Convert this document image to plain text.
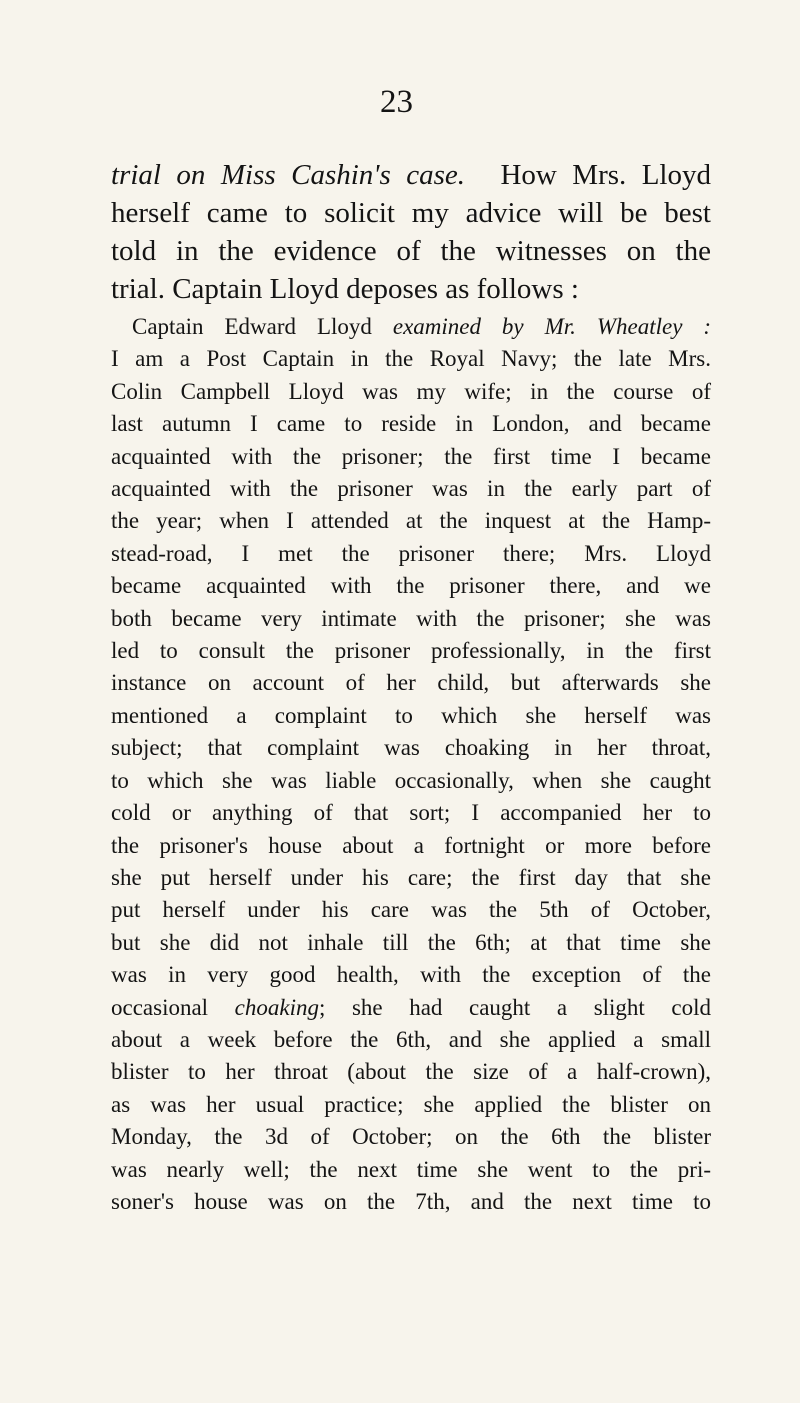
23
trial on Miss Cashin's case. How Mrs. Lloyd
herself came to solicit my advice will be best
told in the evidence of the witnesses on the
trial. Captain Lloyd deposes as follows :
Captain Edward Lloyd examined by Mr. Wheatley :
I am a Post Captain in the Royal Navy; the late Mrs.
Colin Campbell Lloyd was my wife; in the course of
last autumn I came to reside in London, and became
acquainted with the prisoner; the first time I became
acquainted with the prisoner was in the early part of
the year; when I attended at the inquest at the Hamp-
stead-road, I met the prisoner there; Mrs. Lloyd
became acquainted with the prisoner there, and we
both became very intimate with the prisoner; she was
led to consult the prisoner professionally, in the first
instance on account of her child, but afterwards she
mentioned a complaint to which she herself was
subject; that complaint was choaking in her throat,
to which she was liable occasionally, when she caught
cold or anything of that sort; I accompanied her to
the prisoner's house about a fortnight or more before
she put herself under his care; the first day that she
put herself under his care was the 5th of October,
but she did not inhale till the 6th; at that time she
was in very good health, with the exception of the
occasional choaking; she had caught a slight cold
about a week before the 6th, and she applied a small
blister to her throat (about the size of a half-crown),
as was her usual practice; she applied the blister on
Monday, the 3d of October; on the 6th the blister
was nearly well; the next time she went to the pri-
soner's house was on the 7th, and the next time to
